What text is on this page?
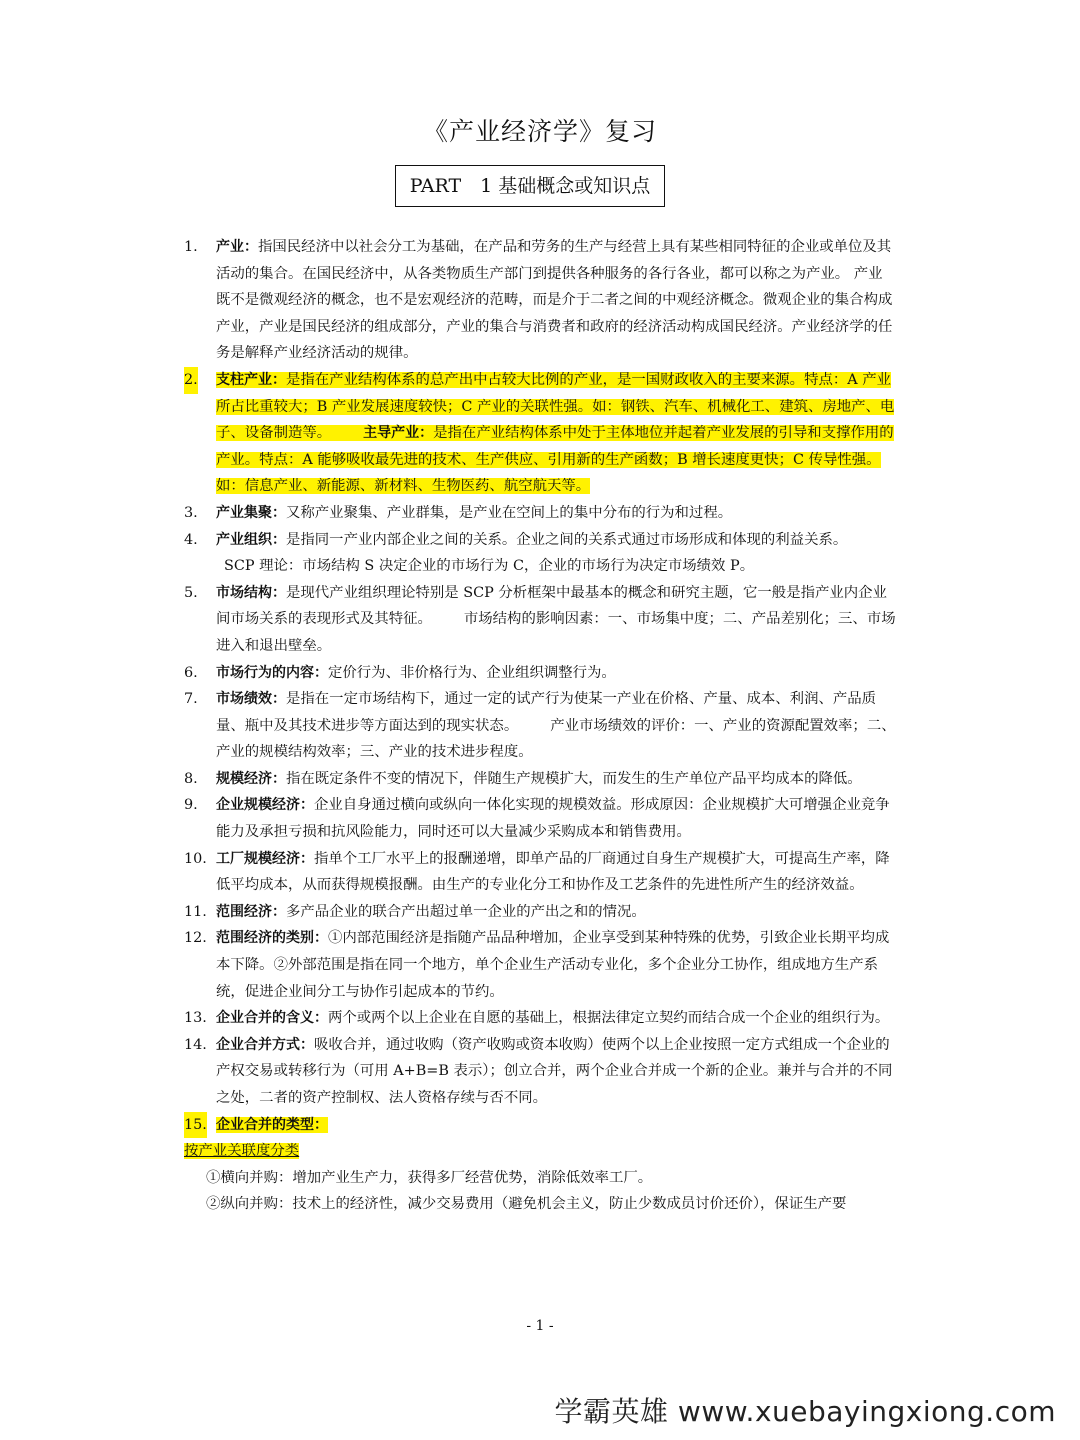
《产业经济学》复习
PART　1 基础概念或知识点
1. 产业：指国民经济中以社会分工为基础，在产品和劳务的生产与经营上具有某些相同特征的企业或单位及其活动的集合。在国民经济中，从各类物质生产部门到提供各种服务的各行各业，都可以称之为产业。 产业既不是微观经济的概念，也不是宏观经济的范畴，而是介于二者之间的中观经济概念。微观企业的集合构成产业，产业是国民经济的组成部分，产业的集合与消费者和政府的经济活动构成国民经济。产业经济学的任务是解释产业经济活动的规律。
2. 支柱产业：是指在产业结构体系的总产出中占较大比例的产业，是一国财政收入的主要来源。特点：A 产业所占比重较大；B 产业发展速度较快；C 产业的关联性强。如：钢铁、汽车、机械化工、建筑、房地产、电子、设备制造等。 主导产业：是指在产业结构体系中处于主体地位并起着产业发展的引导和支撑作用的产业。特点：A 能够吸收最先进的技术、生产供应、引用新的生产函数；B 增长速度更快；C 传导性强。如：信息产业、新能源、新材料、生物医药、航空航天等。
3. 产业集聚：又称产业聚集、产业群集，是产业在空间上的集中分布的行为和过程。
4. 产业组织：是指同一产业内部企业之间的关系。企业之间的关系式通过市场形成和体现的利益关系。
SCP 理论：市场结构 S 决定企业的市场行为 C，企业的市场行为决定市场绩效 P。
5. 市场结构：是现代产业组织理论特别是 SCP 分析框架中最基本的概念和研究主题，它一般是指产业内企业间市场关系的表现形式及其特征。 市场结构的影响因素：一、市场集中度；二、产品差别化；三、市场进入和退出壁垒。
6. 市场行为的内容：定价行为、非价格行为、企业组织调整行为。
7. 市场绩效：是指在一定市场结构下，通过一定的试产行为使某一产业在价格、产量、成本、利润、产品质量、瓶中及其技术进步等方面达到的现实状态。 产业市场绩效的评价：一、产业的资源配置效率；二、产业的规模结构效率；三、产业的技术进步程度。
8. 规模经济：指在既定条件不变的情况下，伴随生产规模扩大，而发生的生产单位产品平均成本的降低。
9. 企业规模经济：企业自身通过横向或纵向一体化实现的规模效益。形成原因：企业规模扩大可增强企业竞争能力及承担亏损和抗风险能力，同时还可以大量减少采购成本和销售费用。
10. 工厂规模经济：指单个工厂水平上的报酬递增，即单产品的厂商通过自身生产规模扩大，可提高生产率，降低平均成本，从而获得规模报酬。由生产的专业化分工和协作及工艺条件的先进性所产生的经济效益。
11. 范围经济：多产品企业的联合产出超过单一企业的产出之和的情况。
12. 范围经济的类别：①内部范围经济是指随产品品种增加，企业享受到某种特殊的优势，引致企业长期平均成本下降。②外部范围是指在同一个地方，单个企业生产活动专业化，多个企业分工协作，组成地方生产系统，促进企业间分工与协作引起成本的节约。
13. 企业合并的含义：两个或两个以上企业在自愿的基础上，根据法律定立契约而结合成一个企业的组织行为。
14. 企业合并方式：吸收合并，通过收购（资产收购或资本收购）使两个以上企业按照一定方式组成一个企业的产权交易或转移行为（可用 A+B=B 表示）；创立合并，两个企业合并成一个新的企业。兼并与合并的不同之处，二者的资产控制权、法人资格存续与否不同。
15. 企业合并的类型：
按产业关联度分类
①横向并购：增加产业生产力，获得多厂经营优势，消除低效率工厂。
②纵向并购：技术上的经济性，减少交易费用（避免机会主义，防止少数成员讨价还价），保证生产要
- 1 -
学霸英雄 www.xuebayingxiong.com
